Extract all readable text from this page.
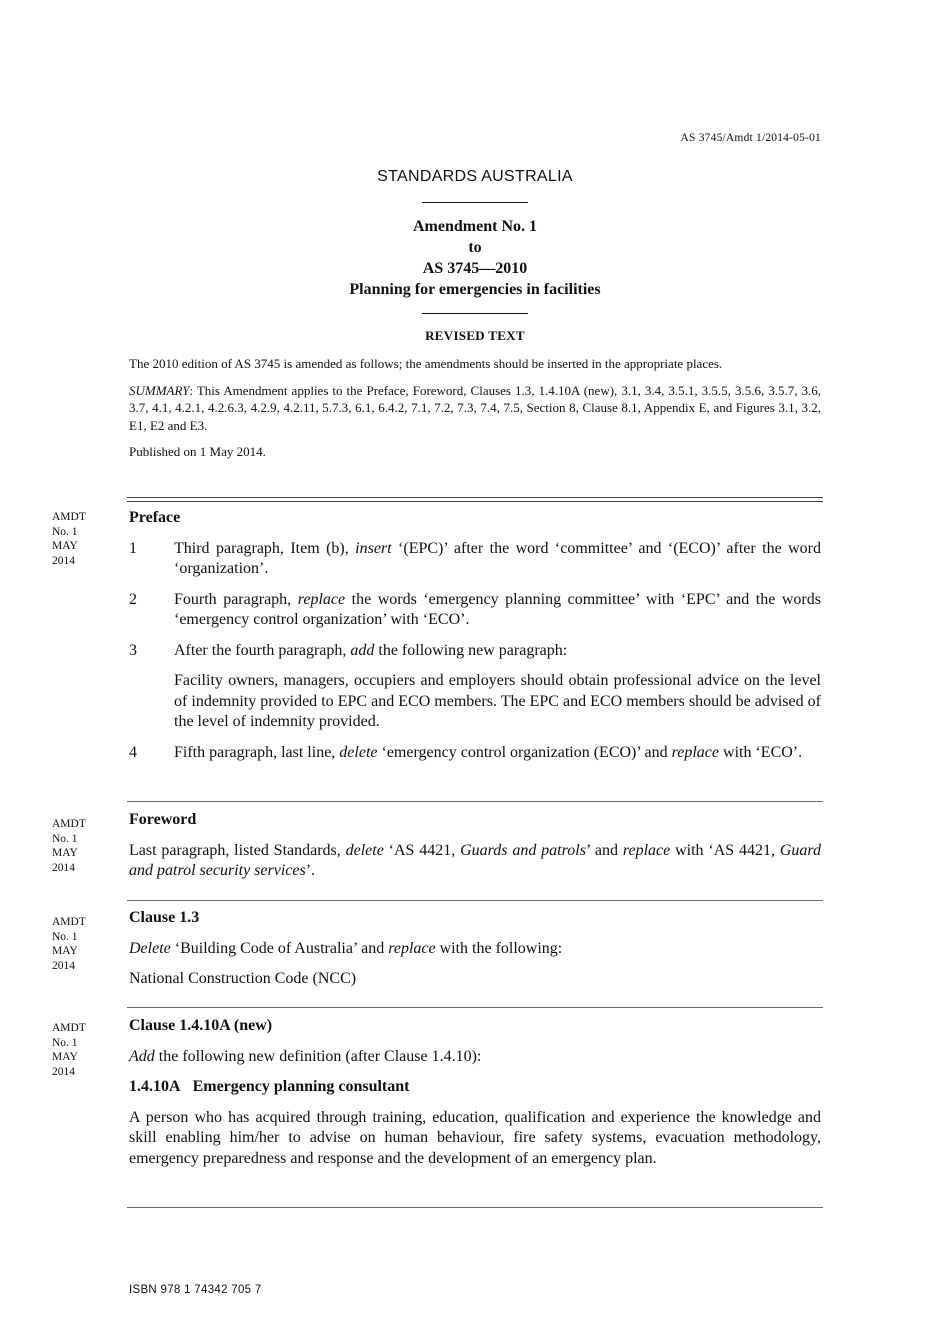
AS 3745/Amdt 1/2014-05-01
STANDARDS AUSTRALIA
Amendment No. 1
to
AS 3745—2010
Planning for emergencies in facilities
REVISED TEXT

The 2010 edition of AS 3745 is amended as follows; the amendments should be inserted in the appropriate places.

SUMMARY: This Amendment applies to the Preface, Foreword, Clauses 1.3, 1.4.10A (new), 3.1, 3.4, 3.5.1, 3.5.5, 3.5.6, 3.5.7, 3.6, 3.7, 4.1, 4.2.1, 4.2.6.3, 4.2.9, 4.2.11, 5.7.3, 6.1, 6.4.2, 7.1, 7.2, 7.3, 7.4, 7.5, Section 8, Clause 8.1, Appendix E, and Figures 3.1, 3.2, E1, E2 and E3.

Published on 1 May 2014.

AMDT
No. 1
MAY
2014
Preface
1	Third paragraph, Item (b), insert ‘(EPC)’ after the word ‘committee’ and ‘(ECO)’ after the word ‘organization’.
2	Fourth paragraph, replace the words ‘emergency planning committee’ with ‘EPC’ and the words ‘emergency control organization’ with ‘ECO’.
3	After the fourth paragraph, add the following new paragraph:
Facility owners, managers, occupiers and employers should obtain professional advice on the level of indemnity provided to EPC and ECO members. The EPC and ECO members should be advised of the level of indemnity provided.
4	Fifth paragraph, last line, delete ‘emergency control organization (ECO)’ and replace with ‘ECO’.
AMDT
No. 1
MAY
2014
Foreword
Last paragraph, listed Standards, delete ‘AS 4421, Guards and patrols’ and replace with ‘AS 4421, Guard and patrol security services’.
AMDT
No. 1
MAY
2014
Clause 1.3
Delete ‘Building Code of Australia’ and replace with the following:
National Construction Code (NCC)
AMDT
No. 1
MAY
2014
Clause 1.4.10A (new)
Add the following new definition (after Clause 1.4.10):
1.4.10A Emergency planning consultant
A person who has acquired through training, education, qualification and experience the knowledge and skill enabling him/her to advise on human behaviour, fire safety systems, evacuation methodology, emergency preparedness and response and the development of an emergency plan.
ISBN 978 1 74342 705 7
